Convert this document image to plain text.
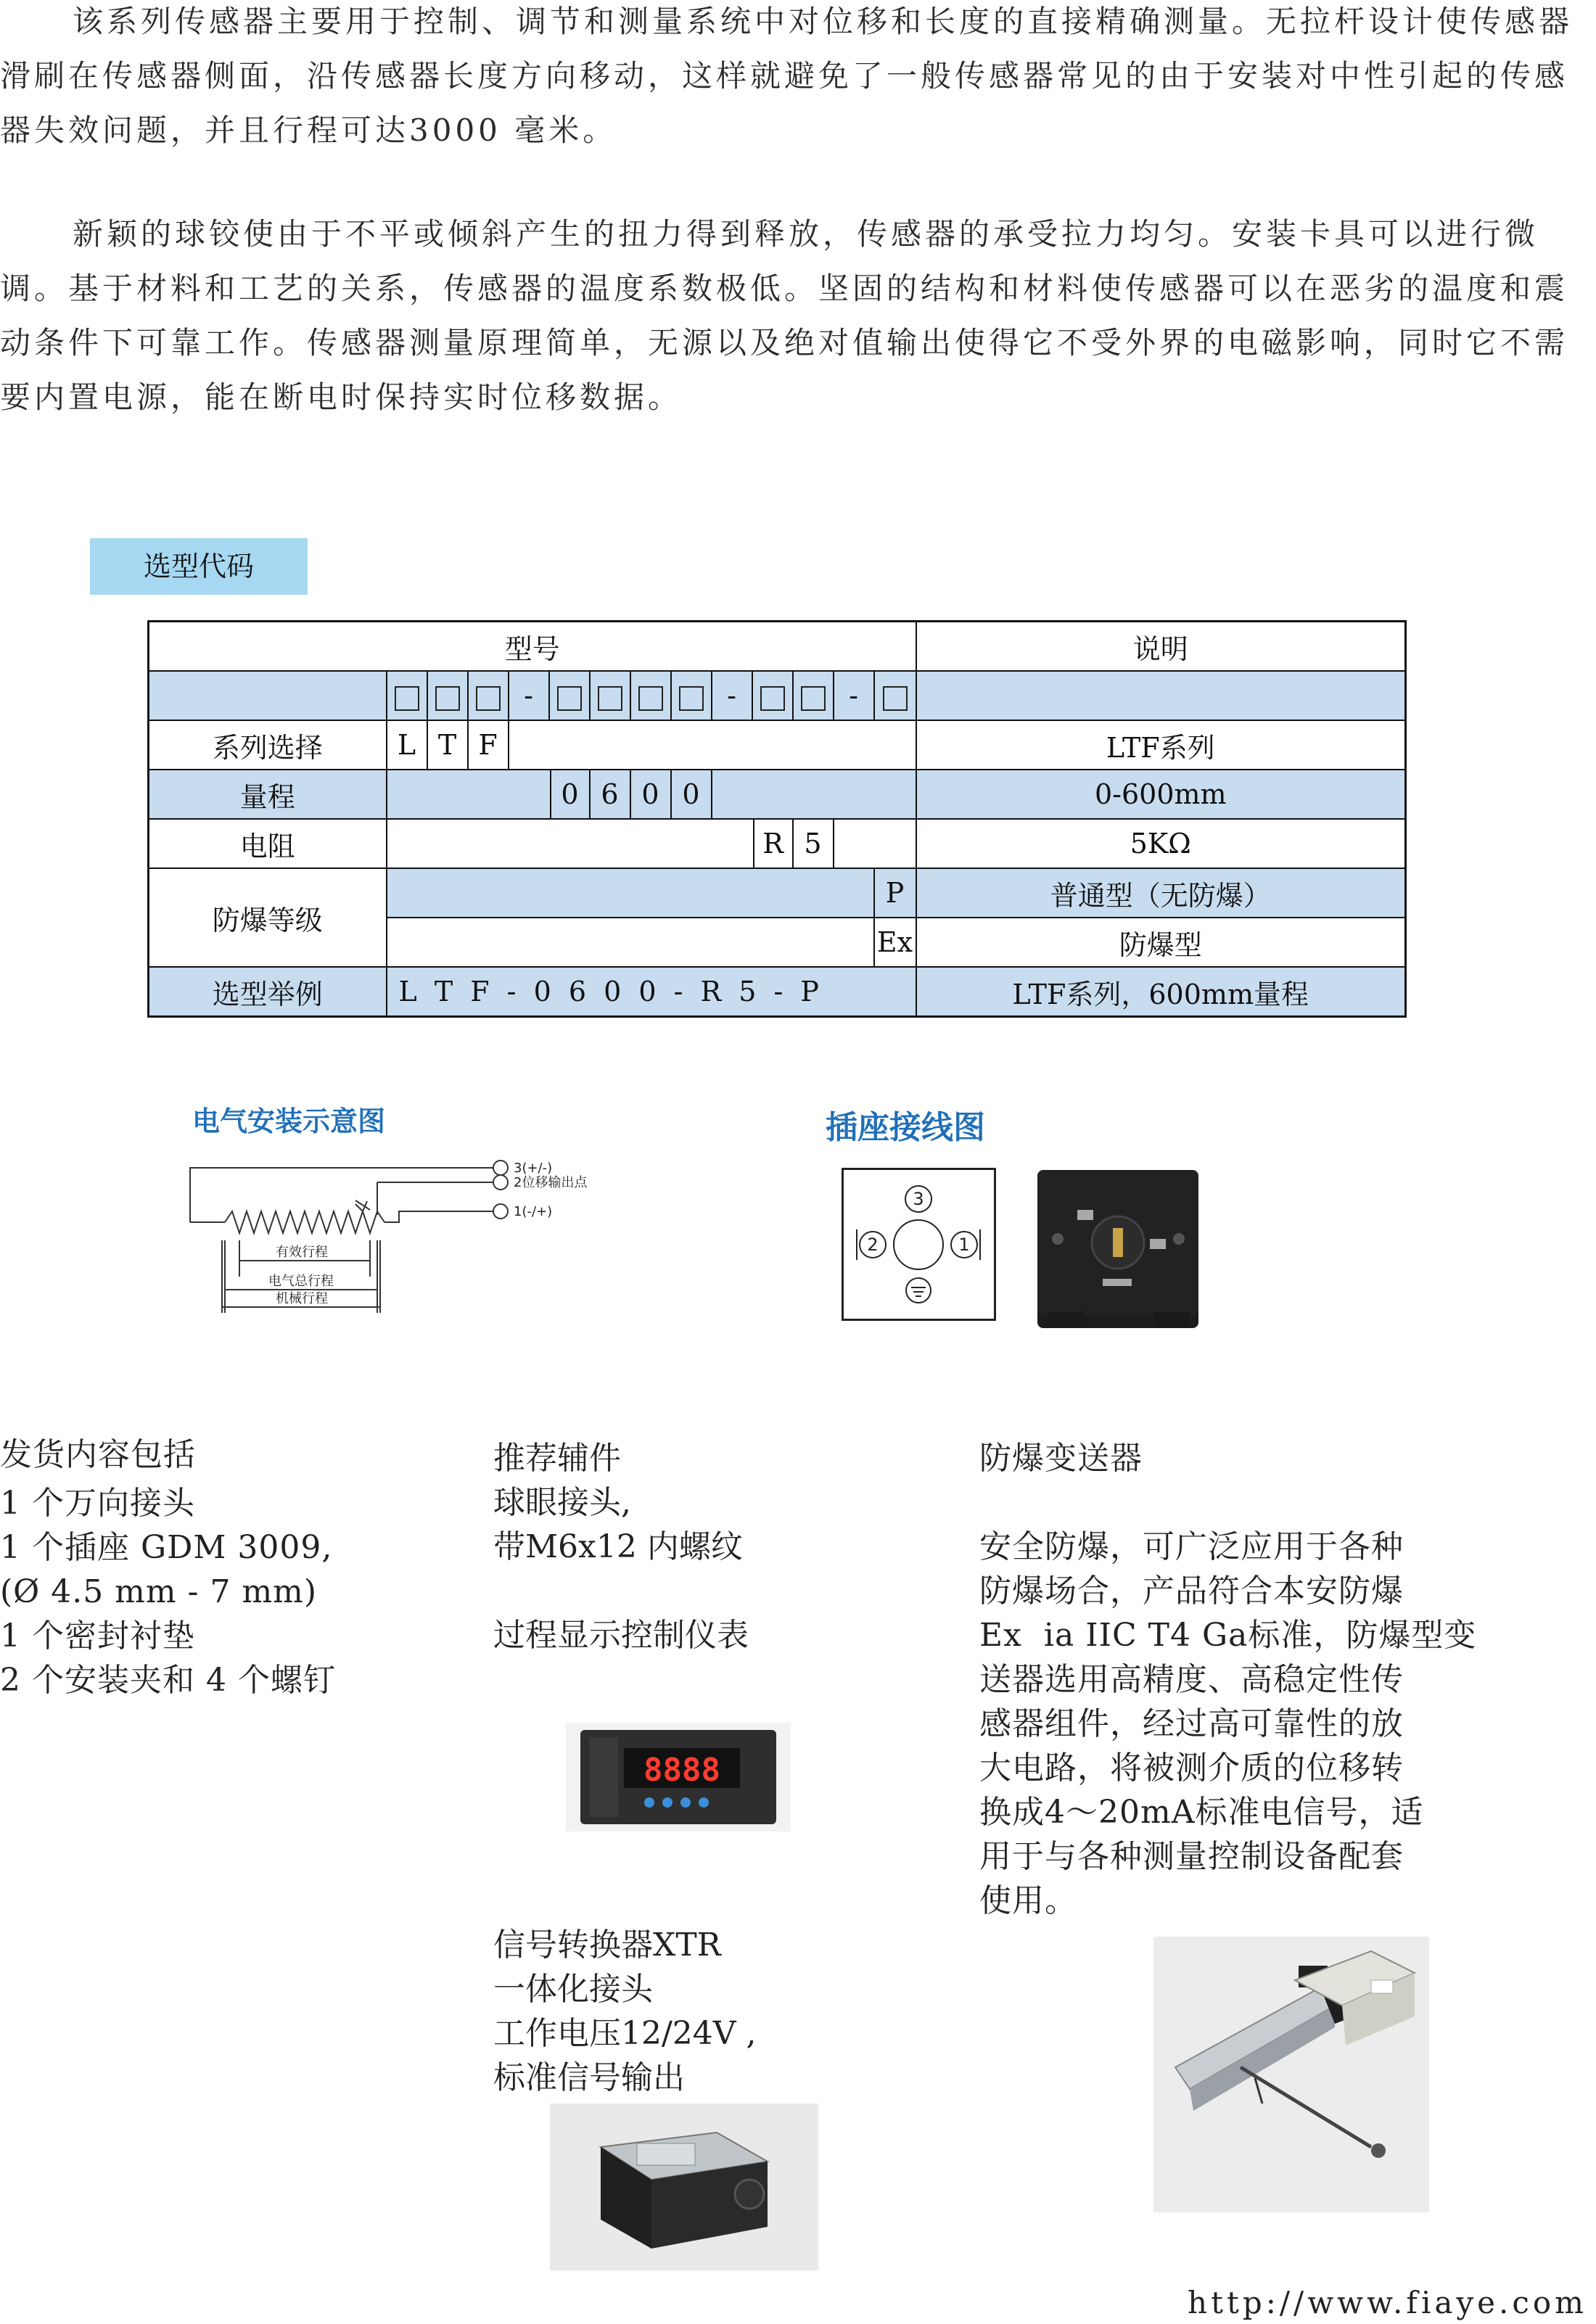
该系列传感器主要用于控制、调节和测量系统中对位移和长度的直接精确测量。无拉杆设计使传感器滑刷在传感器侧面，沿传感器长度方向移动，这样就避免了一般传感器常见的由于安装对中性引起的传感器失效问题，并且行程可达3000 毫米。

新颖的球铰使由于不平或倾斜产生的扭力得到释放，传感器的承受拉力均匀。安装卡具可以进行微调。基于材料和工艺的关系，传感器的温度系数极低。坚固的结构和材料使传感器可以在恶劣的温度和震动条件下可靠工作。传感器测量原理简单，无源以及绝对值输出使得它不受外界的电磁影响，同时它不需要内置电源，能在断电时保持实时位移数据。

选型代码
型号		说明

	- - -	

系列选择	L T F	LTF系列
量程	0 6 0 0	0-600mm
电阻	R 5	5KΩ
防爆等级	P	普通型（无防爆）

	Ex	防爆型
选型举例	L T F - 0 6 0 0 - R 5 - P	LTF系列，600mm量程
电气安装示意图
3(+/-)
2位移输出点
1(-/+)
有效行程
电气总行程
机械行程
插座接线图
3
2	1
发货内容包括
1 个万向接头
1 个插座 GDM 3009,
(Ø 4.5 mm - 7 mm)
1 个密封衬垫
2 个安装夹和 4 个螺钉
推荐辅件
球眼接头,
带M6x12 内螺纹
过程显示控制仪表
信号转换器XTR
一体化接头
工作电压12/24V ,
标准信号输出
8888
防爆变送器
安全防爆，可广泛应用于各种
防爆场合，产品符合本安防爆
Ex  ia IIC T4 Ga标准，防爆型变
送器选用高精度、高稳定性传
感器组件，经过高可靠性的放
大电路，将被测介质的位移转
换成4～20mA标准电信号，适
用于与各种测量控制设备配套
使用。
http://www.fiaye.com
